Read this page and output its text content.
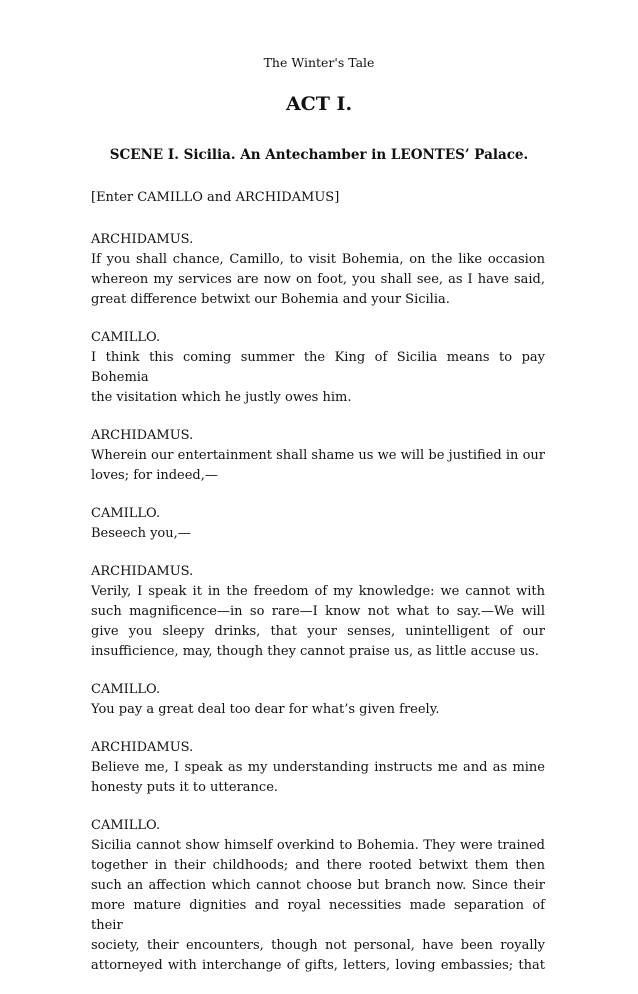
The Winter's Tale
ACT I.
SCENE I. Sicilia. An Antechamber in LEONTES’ Palace.
[Enter CAMILLO and ARCHIDAMUS]
ARCHIDAMUS.
If you shall chance, Camillo, to visit Bohemia, on the like occasion
whereon my services are now on foot, you shall see, as I have said,
great difference betwixt our Bohemia and your Sicilia.
CAMILLO.
I think this coming summer the King of Sicilia means to pay Bohemia
the visitation which he justly owes him.
ARCHIDAMUS.
Wherein our entertainment shall shame us we will be justified in our
loves; for indeed,—
CAMILLO.
Beseech you,—
ARCHIDAMUS.
Verily, I speak it in the freedom of my knowledge: we cannot with
such magnificence—in so rare—I know not what to say.—We will
give you sleepy drinks, that your senses, unintelligent of our
insufficience, may, though they cannot praise us, as little accuse us.
CAMILLO.
You pay a great deal too dear for what’s given freely.
ARCHIDAMUS.
Believe me, I speak as my understanding instructs me and as mine
honesty puts it to utterance.
CAMILLO.
Sicilia cannot show himself overkind to Bohemia. They were trained
together in their childhoods; and there rooted betwixt them then
such an affection which cannot choose but branch now. Since their
more mature dignities and royal necessities made separation of their
society, their encounters, though not personal, have been royally
attorneyed with interchange of gifts, letters, loving embassies; that
